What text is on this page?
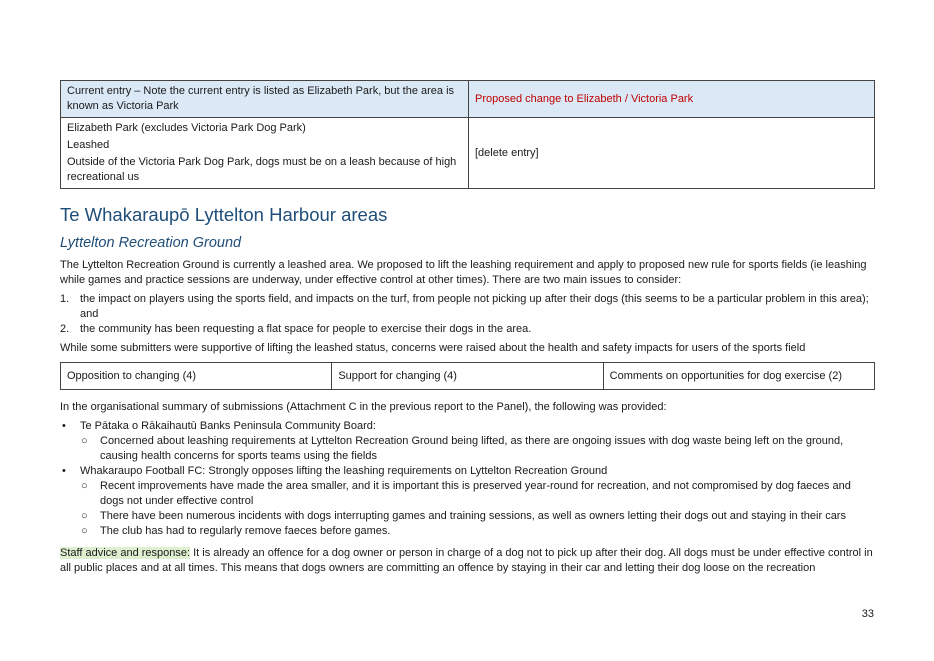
Current entry – Note the current entry is listed as Elizabeth Park, but the area is known as Victoria Park	Proposed change to Elizabeth / Victoria Park

Elizabeth Park (excludes Victoria Park Dog Park)

Leashed

Outside of the Victoria Park Dog Park, dogs must be on a leash because of high recreational us	[delete entry]
Te Whakaraupō Lyttelton Harbour areas
Lyttelton Recreation Ground

The Lyttelton Recreation Ground is currently a leashed area. We proposed to lift the leashing requirement and apply to proposed new rule for sports fields (ie leashing while games and practice sessions are underway, under effective control at other times). There are two main issues to consider:

1. the impact on players using the sports field, and impacts on the turf, from people not picking up after their dogs (this seems to be a particular problem in this area); and
2. the community has been requesting a flat space for people to exercise their dogs in the area.

While some submitters were supportive of lifting the leashed status, concerns were raised about the health and safety impacts for users of the sports field

Opposition to changing (4)	Support for changing (4)	Comments on opportunities for dog exercise (2)

In the organisational summary of submissions (Attachment C in the previous report to the Panel), the following was provided:

• Te Pātaka o Rākaihautū Banks Peninsula Community Board:
○ Concerned about leashing requirements at Lyttelton Recreation Ground being lifted, as there are ongoing issues with dog waste being left on the ground, causing health concerns for sports teams using the fields
• Whakaraupo Football FC: Strongly opposes lifting the leashing requirements on Lyttelton Recreation Ground
○ Recent improvements have made the area smaller, and it is important this is preserved year-round for recreation, and not compromised by dog faeces and dogs not under effective control
○ There have been numerous incidents with dogs interrupting games and training sessions, as well as owners letting their dogs out and staying in their cars
○ The club has had to regularly remove faeces before games.

Staff advice and response: It is already an offence for a dog owner or person in charge of a dog not to pick up after their dog. All dogs must be under effective control in all public places and at all times. This means that dogs owners are committing an offence by staying in their car and letting their dog loose on the recreation

33
